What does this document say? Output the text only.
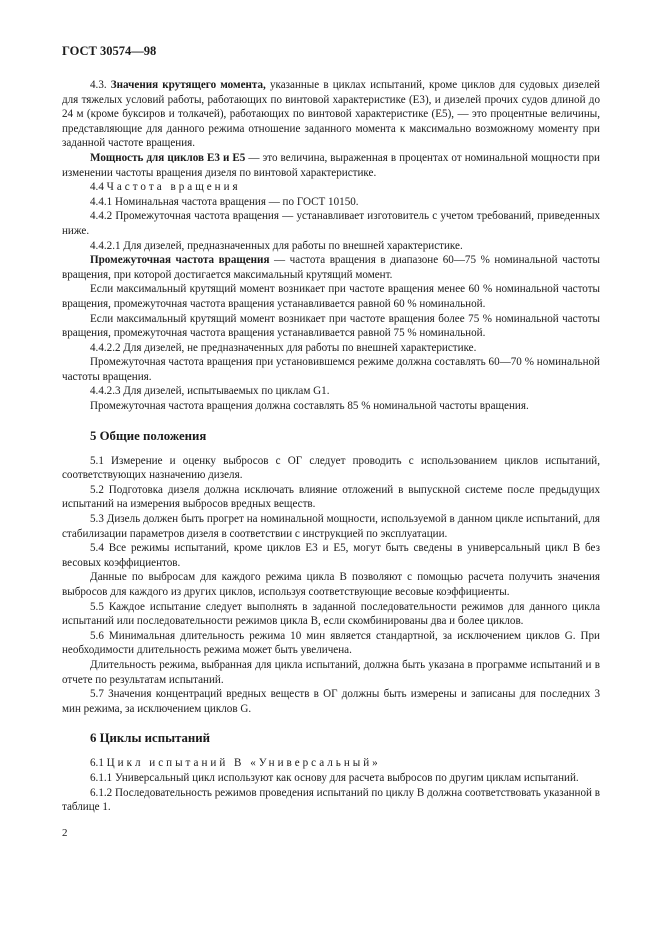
ГОСТ 30574—98

4.3. Значения крутящего момента, указанные в циклах испытаний, кроме циклов для судовых дизелей для тяжелых условий работы, работающих по винтовой характеристике (E3), и дизелей прочих судов длиной до 24 м (кроме буксиров и толкачей), работающих по винтовой характеристике (E5), — это процентные величины, представляющие для данного режима отношение заданного момента к максимально возможному моменту при заданной частоте вращения.

Мощность для циклов E3 и E5 — это величина, выраженная в процентах от номинальной мощности при изменении частоты вращения дизеля по винтовой характеристике.

4.4 Частота вращения

4.4.1 Номинальная частота вращения — по ГОСТ 10150.

4.4.2 Промежуточная частота вращения — устанавливает изготовитель с учетом требований, приведенных ниже.

4.4.2.1 Для дизелей, предназначенных для работы по внешней характеристике.

Промежуточная частота вращения — частота вращения в диапазоне 60—75 % номинальной частоты вращения, при которой достигается максимальный крутящий момент.

Если максимальный крутящий момент возникает при частоте вращения менее 60 % номинальной частоты вращения, промежуточная частота вращения устанавливается равной 60 % номинальной.

Если максимальный крутящий момент возникает при частоте вращения более 75 % номинальной частоты вращения, промежуточная частота вращения устанавливается равной 75 % номинальной.

4.4.2.2 Для дизелей, не предназначенных для работы по внешней характеристике.

Промежуточная частота вращения при установившемся режиме должна составлять 60—70 % номинальной частоты вращения.

4.4.2.3 Для дизелей, испытываемых по циклам G1.

Промежуточная частота вращения должна составлять 85 % номинальной частоты вращения.

5 Общие положения

5.1 Измерение и оценку выбросов с ОГ следует проводить с использованием циклов испытаний, соответствующих назначению дизеля.

5.2 Подготовка дизеля должна исключать влияние отложений в выпускной системе после предыдущих испытаний на измерения выбросов вредных веществ.

5.3 Дизель должен быть прогрет на номинальной мощности, используемой в данном цикле испытаний, для стабилизации параметров дизеля в соответствии с инструкцией по эксплуатации.

5.4 Все режимы испытаний, кроме циклов E3 и E5, могут быть сведены в универсальный цикл B без весовых коэффициентов.

Данные по выбросам для каждого режима цикла B позволяют с помощью расчета получить значения выбросов для каждого из других циклов, используя соответствующие весовые коэффициенты.

5.5 Каждое испытание следует выполнять в заданной последовательности режимов для данного цикла испытаний или последовательности режимов цикла B, если скомбинированы два и более циклов.

5.6 Минимальная длительность режима 10 мин является стандартной, за исключением циклов G. При необходимости длительность режима может быть увеличена.

Длительность режима, выбранная для цикла испытаний, должна быть указана в программе испытаний и в отчете по результатам испытаний.

5.7 Значения концентраций вредных веществ в ОГ должны быть измерены и записаны для последних 3 мин режима, за исключением циклов G.

6 Циклы испытаний

6.1 Цикл испытаний B «Универсальный»

6.1.1 Универсальный цикл используют как основу для расчета выбросов по другим циклам испытаний.

6.1.2 Последовательность режимов проведения испытаний по циклу B должна соответствовать указанной в таблице 1.

2
